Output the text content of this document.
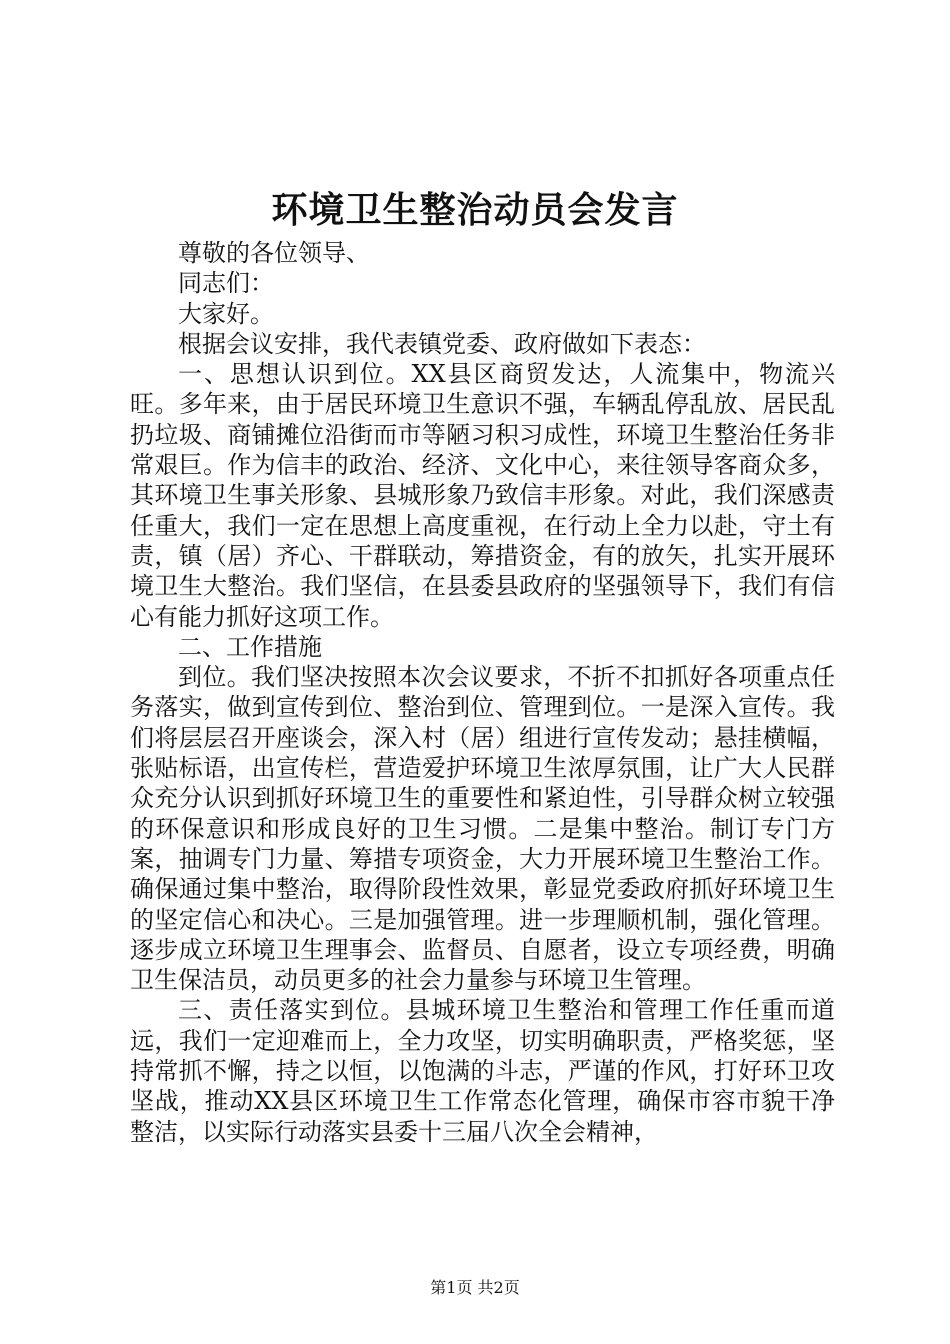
环境卫生整治动员会发言

尊敬的各位领导、

同志们：

大家好。

根据会议安排，我代表镇党委、政府做如下表态：

一、思想认识到位。XX县区商贸发达，人流集中，物流兴旺。多年来，由于居民环境卫生意识不强，车辆乱停乱放、居民乱扔垃圾、商铺摊位沿街而市等陋习积习成性，环境卫生整治任务非常艰巨。作为信丰的政治、经济、文化中心，来往领导客商众多，其环境卫生事关形象、县城形象乃致信丰形象。对此，我们深感责任重大，我们一定在思想上高度重视，在行动上全力以赴，守土有责，镇（居）齐心、干群联动，筹措资金，有的放矢，扎实开展环境卫生大整治。我们坚信，在县委县政府的坚强领导下，我们有信心有能力抓好这项工作。

二、工作措施

到位。我们坚决按照本次会议要求，不折不扣抓好各项重点任务落实，做到宣传到位、整治到位、管理到位。一是深入宣传。我们将层层召开座谈会，深入村（居）组进行宣传发动；悬挂横幅，张贴标语，出宣传栏，营造爱护环境卫生浓厚氛围，让广大人民群众充分认识到抓好环境卫生的重要性和紧迫性，引导群众树立较强的环保意识和形成良好的卫生习惯。二是集中整治。制订专门方案，抽调专门力量、筹措专项资金，大力开展环境卫生整治工作。确保通过集中整治，取得阶段性效果，彰显党委政府抓好环境卫生的坚定信心和决心。三是加强管理。进一步理顺机制，强化管理。逐步成立环境卫生理事会、监督员、自愿者，设立专项经费，明确卫生保洁员，动员更多的社会力量参与环境卫生管理。

三、责任落实到位。县城环境卫生整治和管理工作任重而道远，我们一定迎难而上，全力攻坚，切实明确职责，严格奖惩，坚持常抓不懈，持之以恒，以饱满的斗志，严谨的作风，打好环卫攻坚战，推动XX县区环境卫生工作常态化管理，确保市容市貌干净整洁，以实际行动落实县委十三届八次全会精神，

第1页 共2页
